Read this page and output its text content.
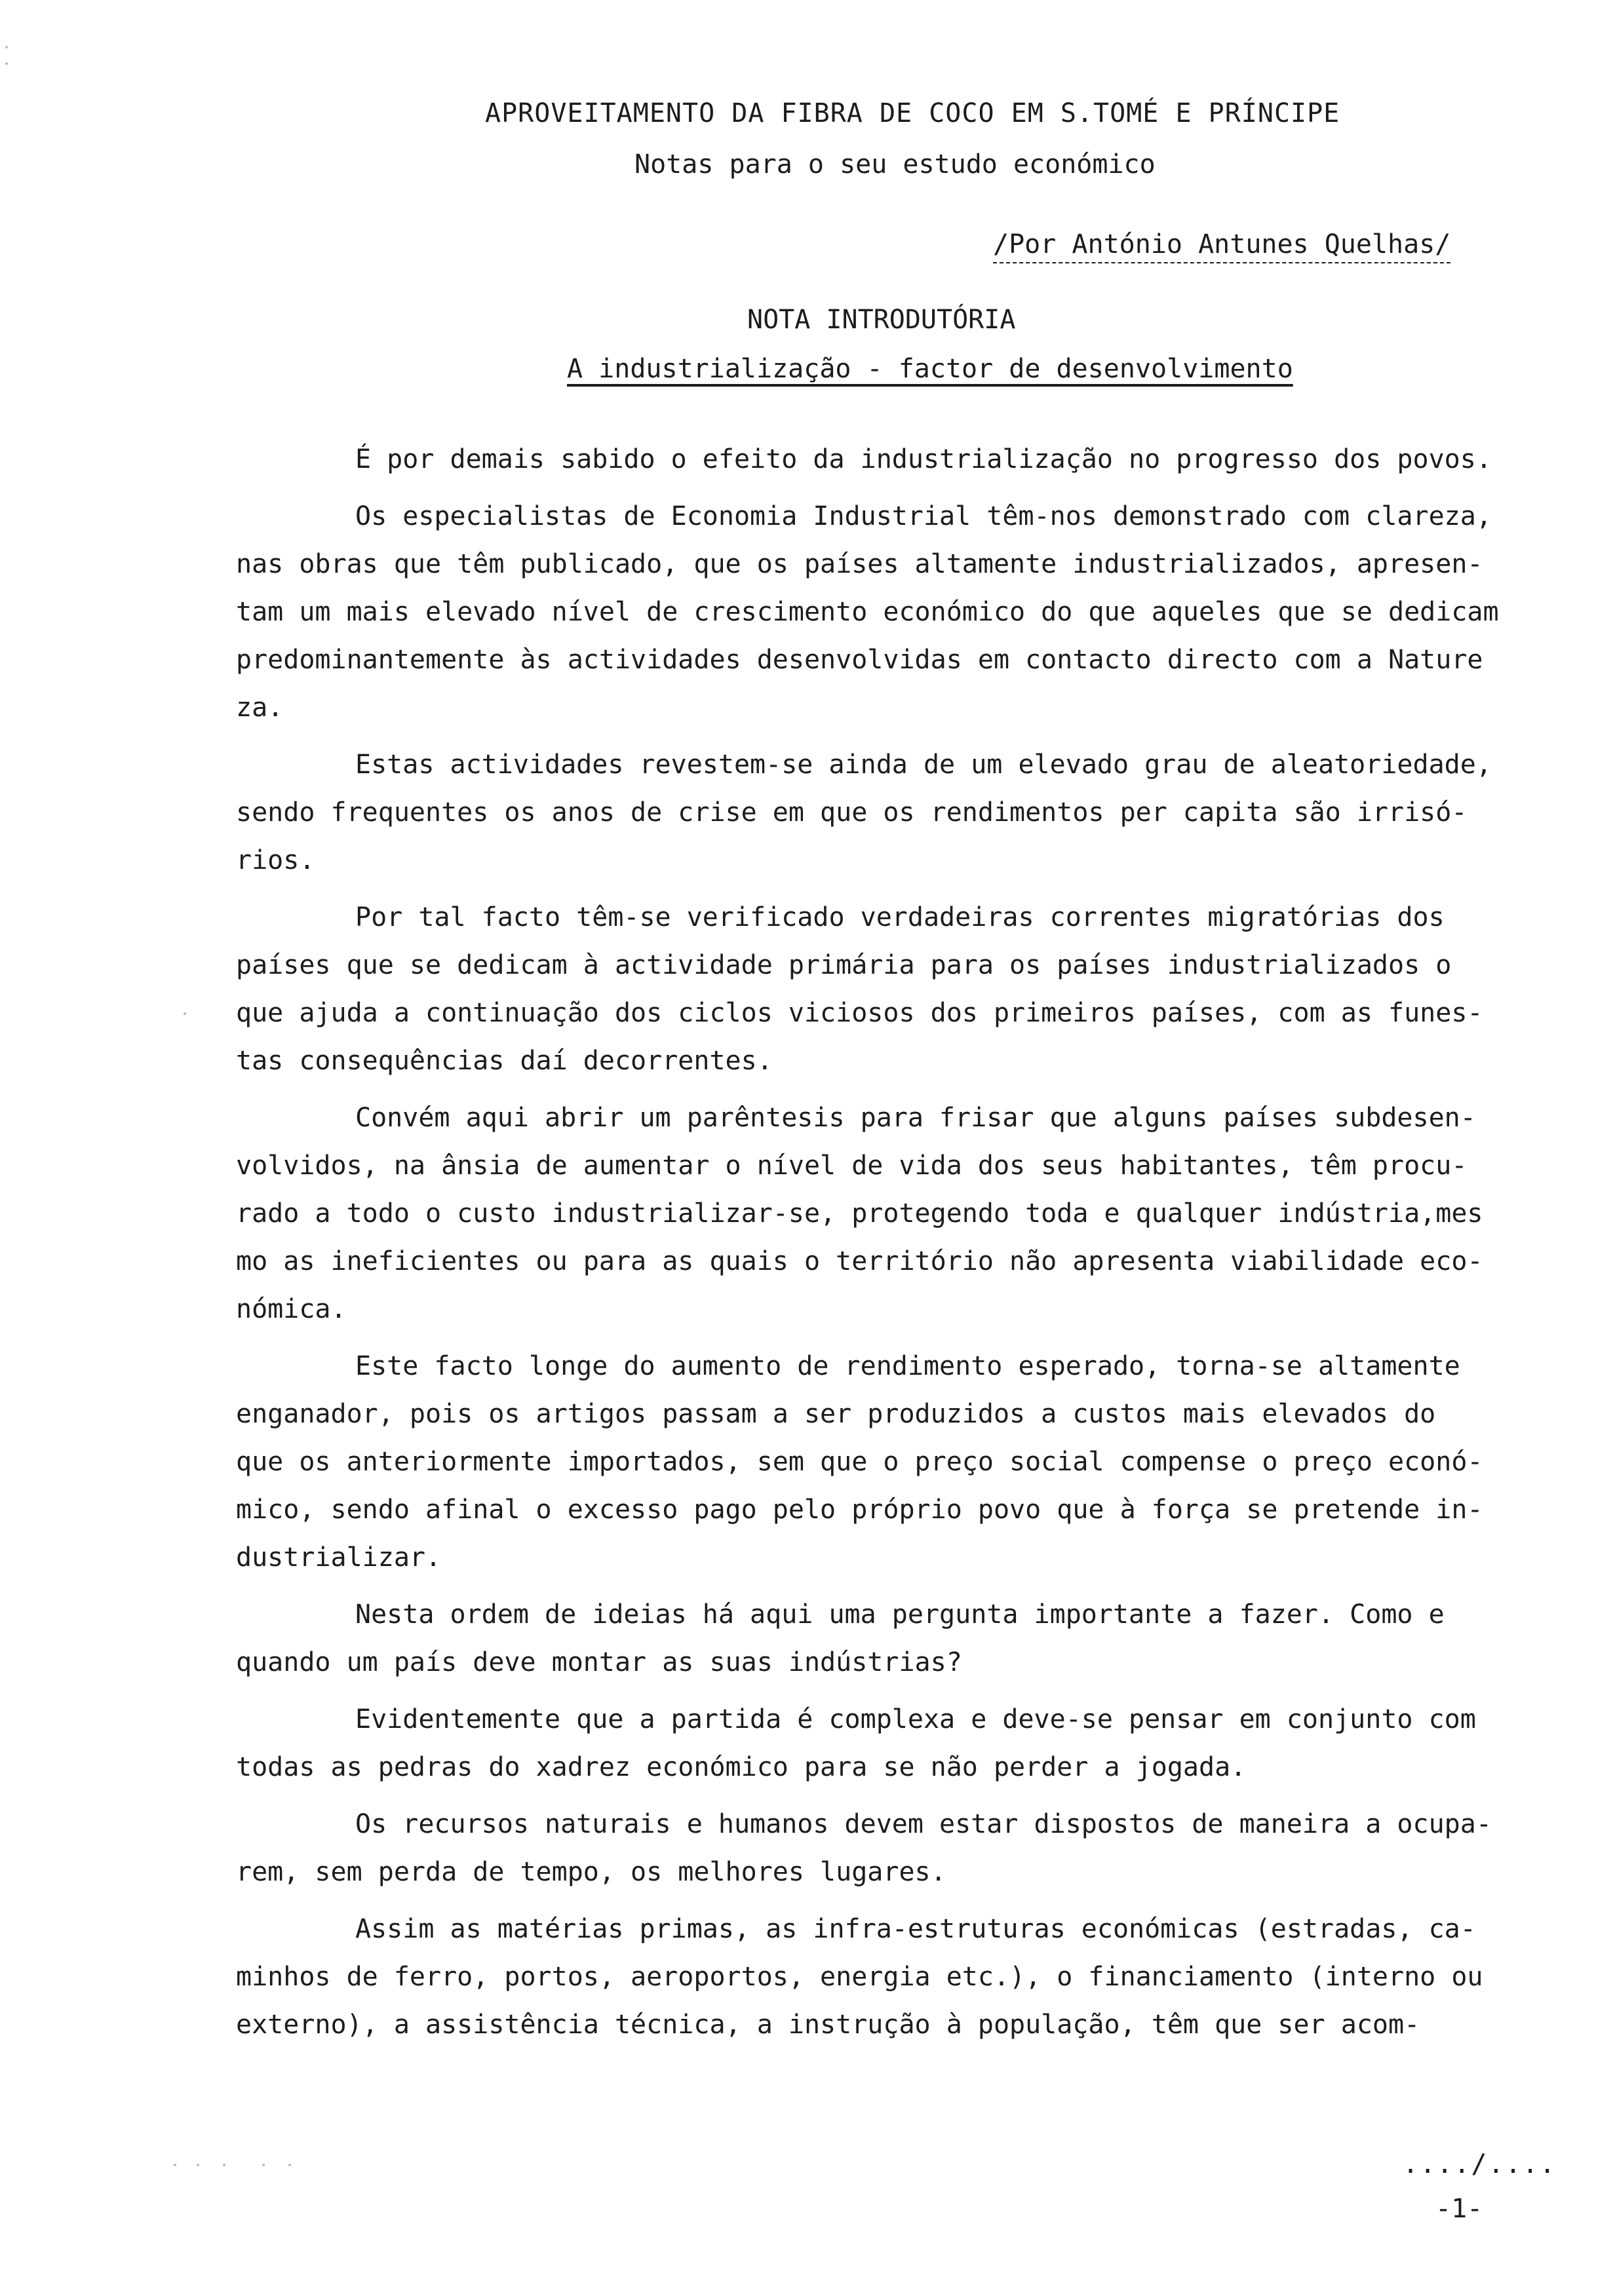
APROVEITAMENTO DA FIBRA DE COCO EM S.TOMÉ E PRÍNCIPE
Notas para o seu estudo económico
/Por António Antunes Quelhas/
NOTA INTRODUTÓRIA
A industrialização - factor de desenvolvimento
É por demais sabido o efeito da industrialização no progresso dos povos.
Os especialistas de Economia Industrial têm-nos demonstrado com clareza,
nas obras que têm publicado, que os países altamente industrializados, apresen-
tam um mais elevado nível de crescimento económico do que aqueles que se dedicam
predominantemente às actividades desenvolvidas em contacto directo com a Nature
za.
Estas actividades revestem-se ainda de um elevado grau de aleatoriedade,
sendo frequentes os anos de crise em que os rendimentos per capita são irrisó-
rios.
Por tal facto têm-se verificado verdadeiras correntes migratórias dos
países que se dedicam à actividade primária para os países industrializados o
que ajuda a continuação dos ciclos viciosos dos primeiros países, com as funes-
tas consequências daí decorrentes.
Convém aqui abrir um parêntesis para frisar que alguns países subdesen-
volvidos, na ânsia de aumentar o nível de vida dos seus habitantes, têm procu-
rado a todo o custo industrializar-se, protegendo toda e qualquer indústria,mes
mo as ineficientes ou para as quais o território não apresenta viabilidade eco-
nómica.
Este facto longe do aumento de rendimento esperado, torna-se altamente
enganador, pois os artigos passam a ser produzidos a custos mais elevados do
que os anteriormente importados, sem que o preço social compense o preço econó-
mico, sendo afinal o excesso pago pelo próprio povo que à força se pretende in-
dustrializar.
Nesta ordem de ideias há aqui uma pergunta importante a fazer. Como e
quando um país deve montar as suas indústrias?
Evidentemente que a partida é complexa e deve-se pensar em conjunto com
todas as pedras do xadrez económico para se não perder a jogada.
Os recursos naturais e humanos devem estar dispostos de maneira a ocupa-
rem, sem perda de tempo, os melhores lugares.
Assim as matérias primas, as infra-estruturas económicas (estradas, ca-
minhos de ferro, portos, aeroportos, energia etc.), o financiamento (interno ou
externo), a assistência técnica, a instrução à população, têm que ser acom-
..../....
-1-
